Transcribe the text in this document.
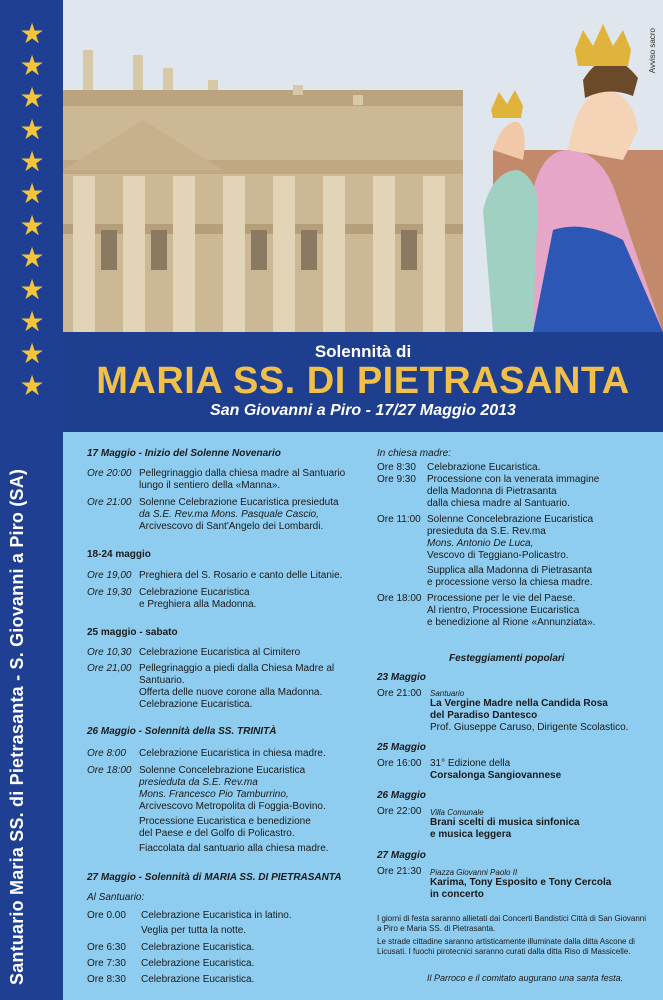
★
★
★
★
★
★
★
★
★
★
★
★
Santuario Maria SS. di Pietrasanta - S. Giovanni a Piro (SA)
Avviso sacro
Solennità di
MARIA SS. DI PIETRASANTA
San Giovanni a Piro - 17/27 Maggio 2013
17 Maggio - Inizio del Solenne Novenario
Ore 20:00 Pellegrinaggio dalla chiesa madre al Santuario
lungo il sentiero della «Manna».
Ore 21:00 Solenne Celebrazione Eucaristica presieduta
da S.E. Rev.ma Mons. Pasquale Cascio,
Arcivescovo di Sant'Angelo dei Lombardi.
18-24 maggio
Ore 19,00 Preghiera del S. Rosario e canto delle Litanie.
Ore 19,30 Celebrazione Eucaristica
e Preghiera alla Madonna.
25 maggio - sabato
Ore 10,30 Celebrazione Eucaristica al Cimitero
Ore 21,00 Pellegrinaggio a piedi dalla Chiesa Madre al
Santuario.
Offerta delle nuove corone alla Madonna.
Celebrazione Eucaristica.
26 Maggio - Solennità della SS. TRINITÀ
Ore 8:00 Celebrazione Eucaristica in chiesa madre.
Ore 18:00 Solenne Concelebrazione Eucaristica
presieduta da S.E. Rev.ma
Mons. Francesco Pio Tamburrino,
Arcivescovo Metropolita di Foggia-Bovino.
Processione Eucaristica e benedizione
del Paese e del Golfo di Policastro.
Fiaccolata dal santuario alla chiesa madre.
27 Maggio - Solennità di MARIA SS. DI PIETRASANTA
Al Santuario:
Ore 0.00 Celebrazione Eucaristica in latino.
Veglia per tutta la notte.
Ore 6:30 Celebrazione Eucaristica.
Ore 7:30 Celebrazione Eucaristica.
Ore 8:30 Celebrazione Eucaristica.
In chiesa madre:
Ore 8:30 Celebrazione Eucaristica.
Ore 9:30 Processione con la venerata immagine
della Madonna di Pietrasanta
dalla chiesa madre al Santuario.
Ore 11:00 Solenne Concelebrazione Eucaristica
presieduta da S.E. Rev.ma
Mons. Antonio De Luca,
Vescovo di Teggiano-Policastro.
Supplica alla Madonna di Pietrasanta
e processione verso la chiesa madre.
Ore 18:00 Processione per le vie del Paese.
Al rientro, Processione Eucaristica
e benedizione al Rione «Annunziata».
Festeggiamenti popolari
23 Maggio
Ore 21:00 Santuario
La Vergine Madre nella Candida Rosa
del Paradiso Dantesco
Prof. Giuseppe Caruso, Dirigente Scolastico.
25 Maggio
Ore 16:00 31° Edizione della
Corsalonga Sangiovannese
26 Maggio
Ore 22:00 Villa Comunale
Brani scelti di musica sinfonica
e musica leggera
27 Maggio
Ore 21:30 Piazza Giovanni Paolo II
Karima, Tony Esposito e Tony Cercola
in concerto
I giorni di festa saranno allietati dai Concerti Bandistici Città di San Giovanni a Piro e Maria SS. di Pietrasanta.
Le strade cittadine saranno artisticamente illuminate dalla ditta Ascone di Licusati. I fuochi pirotecnici saranno curati dalla ditta Riso di Massicelle.
Il Parroco e il comitato augurano una santa festa.
